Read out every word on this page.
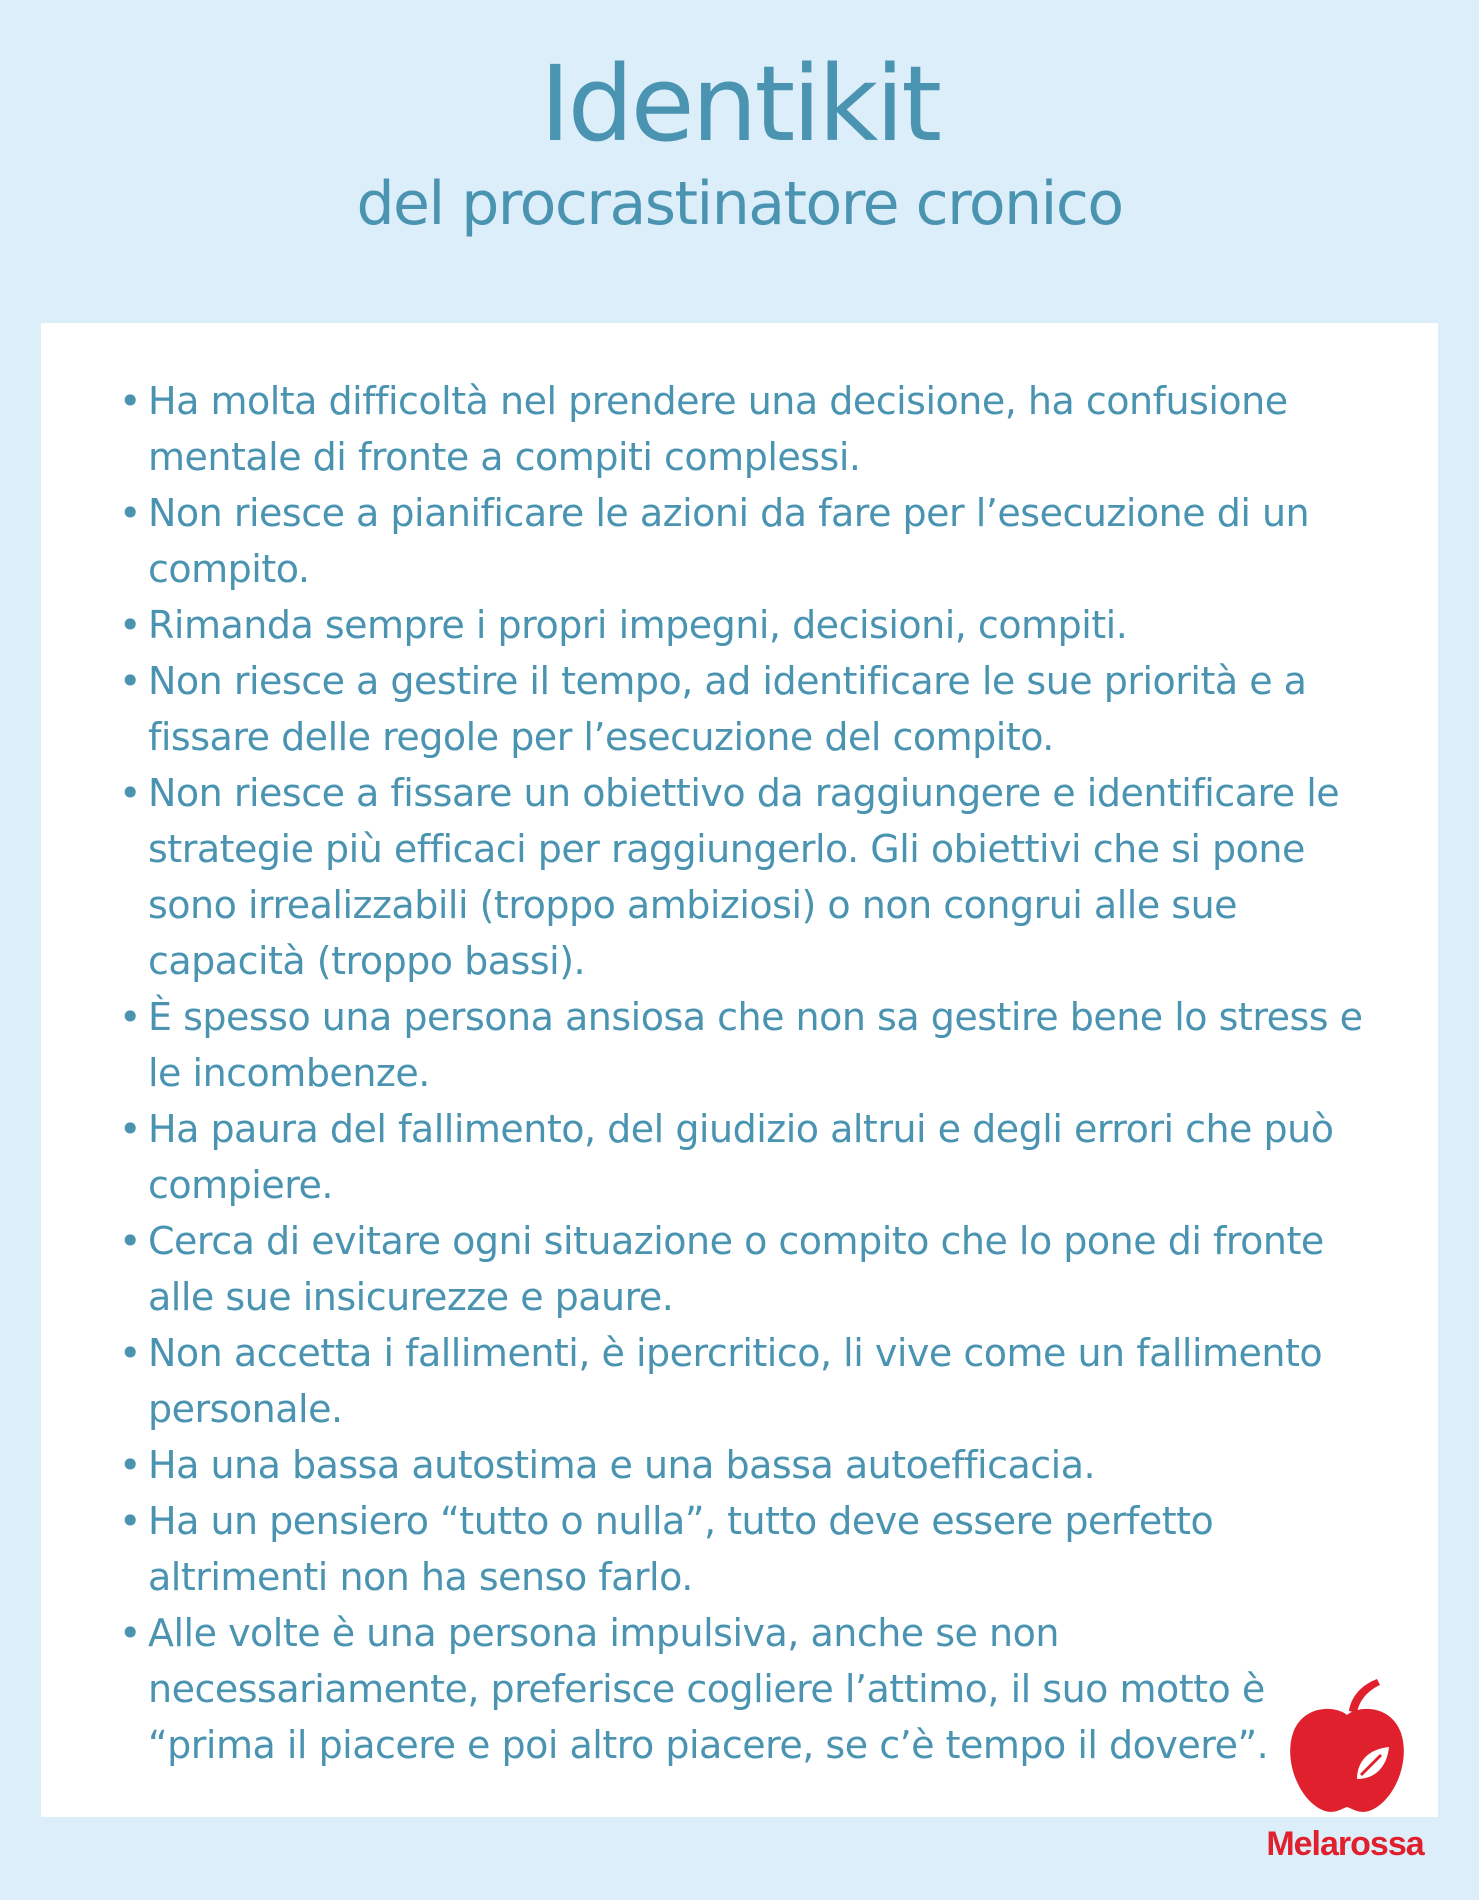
Identikit
del procrastinatore cronico
• Ha molta difficoltà nel prendere una decisione, ha confusione mentale di fronte a compiti complessi.
• Non riesce a pianificare le azioni da fare per l’esecuzione di un compito.
• Rimanda sempre i propri impegni, decisioni, compiti.
• Non riesce a gestire il tempo, ad identificare le sue priorità e a fissare delle regole per l’esecuzione del compito.
• Non riesce a fissare un obiettivo da raggiungere e identificare le strategie più efficaci per raggiungerlo. Gli obiettivi che si pone sono irrealizzabili (troppo ambiziosi) o non congrui alle sue capacità (troppo bassi).
• È spesso una persona ansiosa che non sa gestire bene lo stress e le incombenze.
• Ha paura del fallimento, del giudizio altrui e degli errori che può compiere.
• Cerca di evitare ogni situazione o compito che lo pone di fronte alle sue insicurezze e paure.
• Non accetta i fallimenti, è ipercritico, li vive come un fallimento personale.
• Ha una bassa autostima e una bassa autoefficacia.
• Ha un pensiero “tutto o nulla”, tutto deve essere perfetto altrimenti non ha senso farlo.
• Alle volte è una persona impulsiva, anche se non necessariamente, preferisce cogliere l’attimo, il suo motto è “prima il piacere e poi altro piacere, se c’è tempo il dovere”.
Melarossa
